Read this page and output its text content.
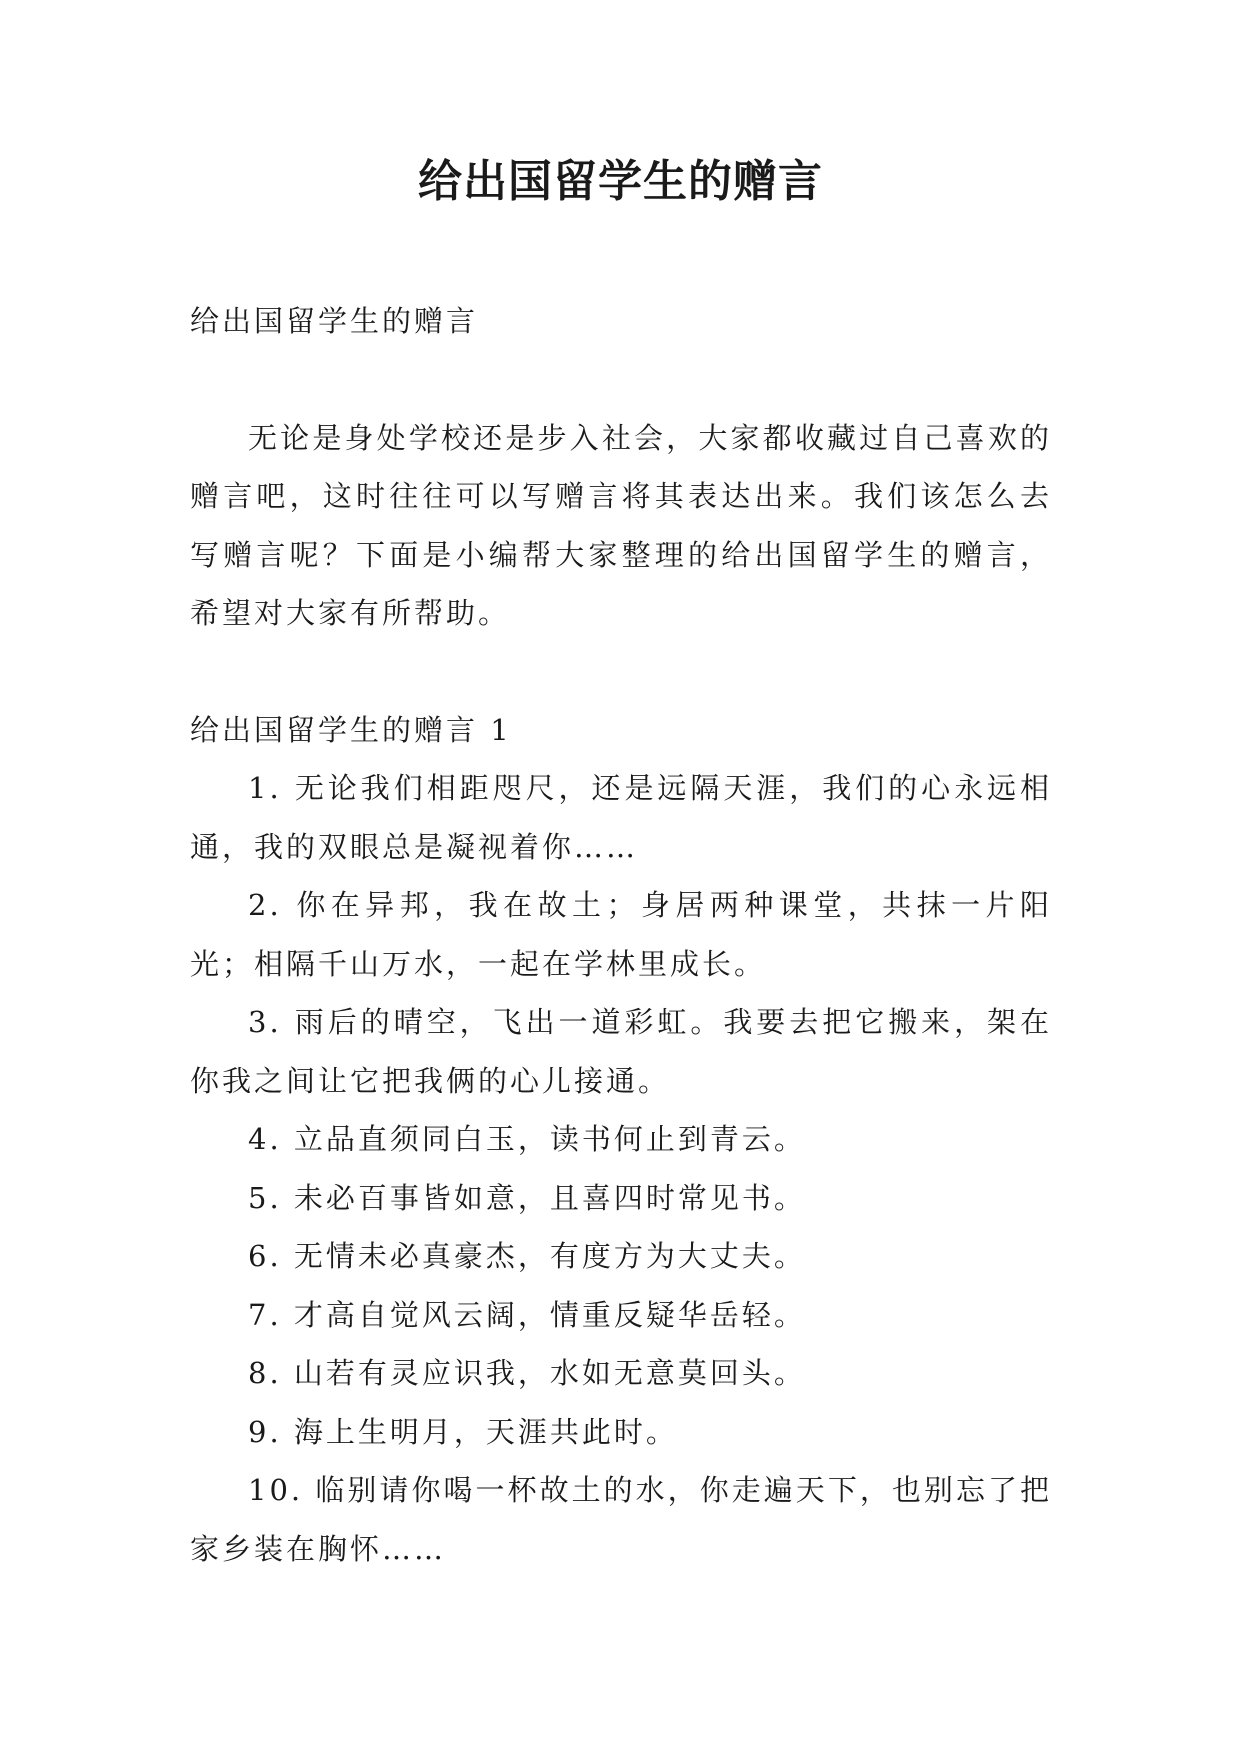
给出国留学生的赠言

给出国留学生的赠言

无论是身处学校还是步入社会，大家都收藏过自己喜欢的赠言吧，这时往往可以写赠言将其表达出来。我们该怎么去写赠言呢？下面是小编帮大家整理的给出国留学生的赠言，希望对大家有所帮助。

给出国留学生的赠言 1

1. 无论我们相距咫尺，还是远隔天涯，我们的心永远相通，我的双眼总是凝视着你……
2. 你在异邦，我在故土；身居两种课堂，共抹一片阳光；相隔千山万水，一起在学林里成长。
3. 雨后的晴空，飞出一道彩虹。我要去把它搬来，架在你我之间让它把我俩的心儿接通。
4. 立品直须同白玉，读书何止到青云。
5. 未必百事皆如意，且喜四时常见书。
6. 无情未必真豪杰，有度方为大丈夫。
7. 才高自觉风云阔，情重反疑华岳轻。
8. 山若有灵应识我，水如无意莫回头。
9. 海上生明月，天涯共此时。
10. 临别请你喝一杯故土的水，你走遍天下，也别忘了把家乡装在胸怀……
